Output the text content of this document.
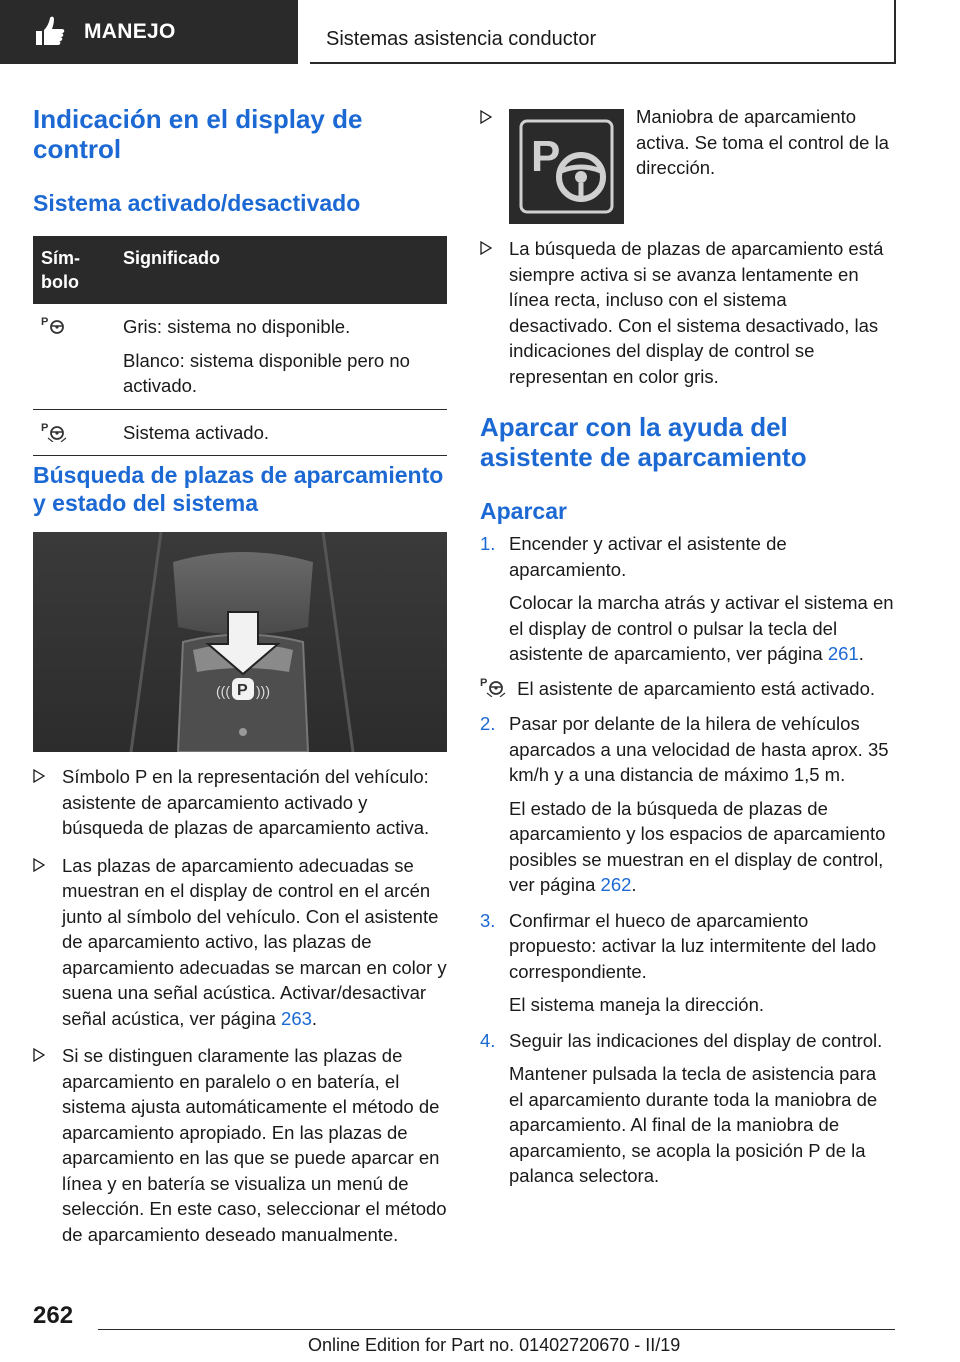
MANEJO	Sistemas asistencia conductor
Indicación en el display de control
Sistema activado/desactivado
Sím-
bolo	Significado

P	Gris: sistema no disponible.

Blanco: sistema disponible pero no activado.

P	Sistema activado.

Búsqueda de plazas de aparcamiento y estado del sistema
((( P )))
Símbolo P en la representación del vehículo: asistente de aparcamiento activado y búsqueda de plazas de aparcamiento activa.
Las plazas de aparcamiento adecuadas se muestran en el display de control en el arcén junto al símbolo del vehículo. Con el asistente de aparcamiento activo, las plazas de aparcamiento adecuadas se marcan en color y suena una señal acústica. Activar/desactivar señal acústica, ver página 263.
Si se distinguen claramente las plazas de aparcamiento en paralelo o en batería, el sistema ajusta automáticamente el método de aparcamiento apropiado. En las plazas de aparcamiento en las que se puede aparcar en línea y en batería se visualiza un menú de selección. En este caso, seleccionar el método de aparcamiento deseado manualmente.
P
Maniobra de aparcamiento activa. Se toma el control de la dirección.
La búsqueda de plazas de aparcamiento está siempre activa si se avanza lentamente en línea recta, incluso con el sistema desactivado. Con el sistema desactivado, las indicaciones del display de control se representan en color gris.
Aparcar con la ayuda del asistente de aparcamiento
Aparcar
1. Encender y activar el asistente de aparcamiento.

Colocar la marcha atrás y activar el sistema en el display de control o pulsar la tecla del asistente de aparcamiento, ver página 261.

P El asistente de aparcamiento está activado.

2. Pasar por delante de la hilera de vehículos aparcados a una velocidad de hasta aprox. 35 km/h y a una distancia de máximo 1,5 m.

El estado de la búsqueda de plazas de aparcamiento y los espacios de aparcamiento posibles se muestran en el display de control, ver página 262.

3. Confirmar el hueco de aparcamiento propuesto: activar la luz intermitente del lado correspondiente.

El sistema maneja la dirección.

4. Seguir las indicaciones del display de control.

Mantener pulsada la tecla de asistencia para el aparcamiento durante toda la maniobra de aparcamiento. Al final de la maniobra de aparcamiento, se acopla la posición P de la palanca selectora.

262
Online Edition for Part no. 01402720670 - II/19
